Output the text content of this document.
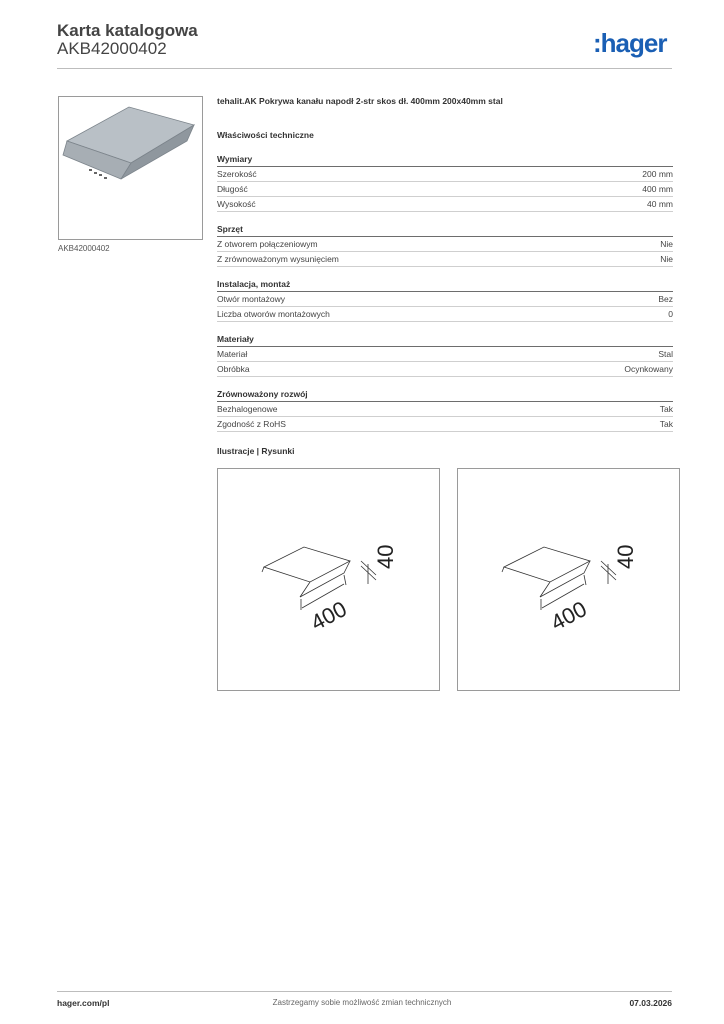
Karta katalogowa
AKB42000402	:hager
AKB42000402
tehalit.AK Pokrywa kanału napodł 2-str skos dł. 400mm 200x40mm stal
Właściwości techniczne
Wymiary
Szerokość	200 mm
Długość	400 mm
Wysokość	40 mm
Sprzęt
Z otworem połączeniowym	Nie
Z zrównoważonym wysunięciem	Nie
Instalacja, montaż
Otwór montażowy	Bez
Liczba otworów montażowych	0
Materiały
Materiał	Stal
Obróbka	Ocynkowany
Zrównoważony rozwój
Bezhalogenowe	Tak
Zgodność z RoHS	Tak
Ilustracje | Rysunki
40
400
40
400
Zastrzegamy sobie możliwość zmian technicznych
hager.com/pl	07.03.2026
